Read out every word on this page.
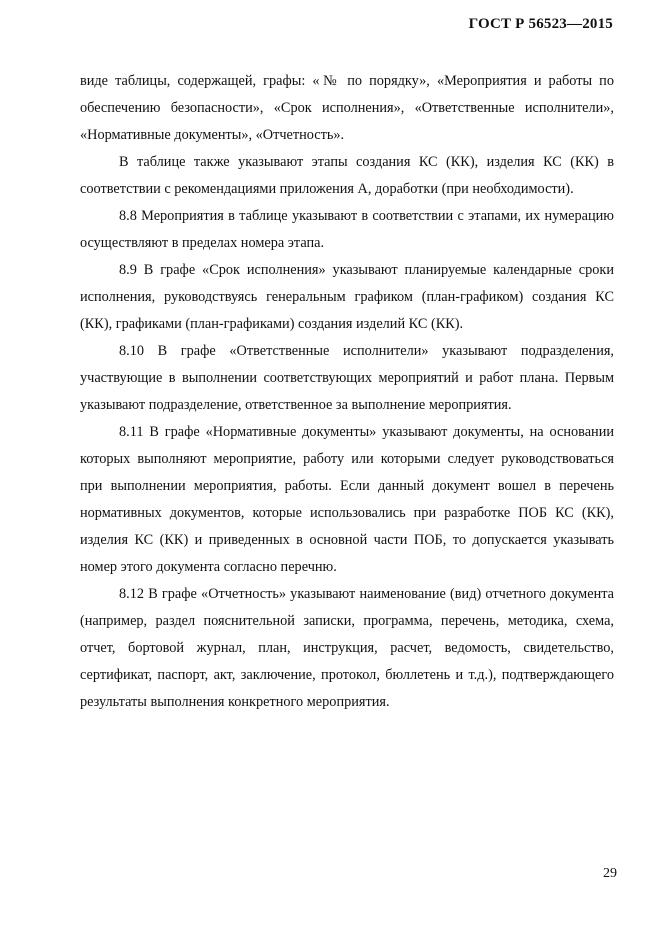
ГОСТ Р 56523—2015

виде таблицы, содержащей, графы: «№ по порядку», «Мероприятия и работы по обеспечению безопасности», «Срок исполнения», «Ответственные исполнители», «Нормативные документы», «Отчетность».

В таблице также указывают этапы создания КС (КК), изделия КС (КК) в соответствии с рекомендациями приложения А, доработки (при необходимости).

8.8 Мероприятия в таблице указывают в соответствии с этапами, их нумерацию осуществляют в пределах номера этапа.

8.9 В графе «Срок исполнения» указывают планируемые календарные сроки исполнения, руководствуясь генеральным графиком (план-графиком) создания КС (КК), графиками (план-графиками) создания изделий КС (КК).

8.10 В графе «Ответственные исполнители» указывают подразделения, участвующие в выполнении соответствующих мероприятий и работ плана. Первым указывают подразделение, ответственное за выполнение мероприятия.

8.11 В графе «Нормативные документы» указывают документы, на основании которых выполняют мероприятие, работу или которыми следует руководствоваться при выполнении мероприятия, работы. Если данный документ вошел в перечень нормативных документов, которые использовались при разработке ПОБ КС (КК), изделия КС (КК) и приведенных в основной части ПОБ, то допускается указывать номер этого документа согласно перечню.

8.12 В графе «Отчетность» указывают наименование (вид) отчетного документа (например, раздел пояснительной записки, программа, перечень, методика, схема, отчет, бортовой журнал, план, инструкция, расчет, ведомость, свидетельство, сертификат, паспорт, акт, заключение, протокол, бюллетень и т.д.), подтверждающего результаты выполнения конкретного мероприятия.

29
